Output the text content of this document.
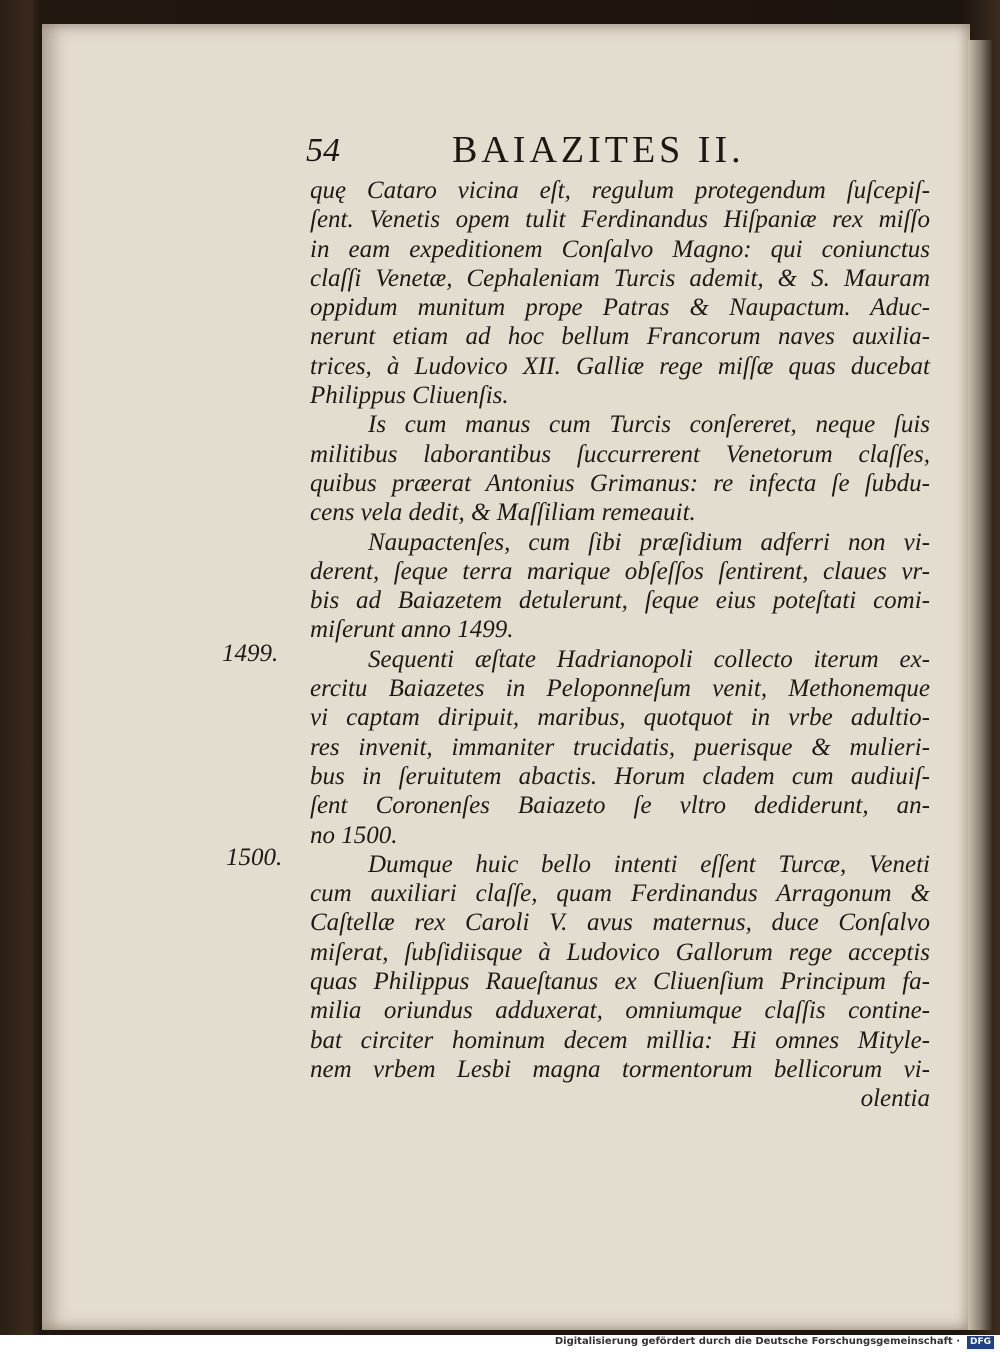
54	BAIAZITES II.
1499.
1500.
quę Cataro vicina eſt, regulum protegendum ſuſcepiſ-
ſent. Venetis opem tulit Ferdinandus Hiſpaniæ rex miſſo
in eam expeditionem Conſalvo Magno: qui coniunctus
claſſi Venetæ, Cephaleniam Turcis ademit, & S. Mauram
oppidum munitum prope Patras & Naupactum. Aduc-
nerunt etiam ad hoc bellum Francorum naves auxilia-
trices, à Ludovico XII. Galliæ rege miſſæ quas ducebat
Philippus Cliuenſis.
Is cum manus cum Turcis conſereret, neque ſuis
militibus laborantibus ſuccurrerent Venetorum claſſes,
quibus præerat Antonius Grimanus: re infecta ſe ſubdu-
cens vela dedit, & Maſſiliam remeauit.
Naupactenſes, cum ſibi præſidium adferri non vi-
derent, ſeque terra marique obſeſſos ſentirent, claues vr-
bis ad Baiazetem detulerunt, ſeque eius poteſtati comi-
miſerunt anno 1499.
Sequenti æſtate Hadrianopoli collecto iterum ex-
ercitu Baiazetes in Peloponneſum venit, Methonemque
vi captam diripuit, maribus, quotquot in vrbe adultio-
res invenit, immaniter trucidatis, puerisque & mulieri-
bus in ſeruitutem abactis. Horum cladem cum audiuiſ-
ſent Coronenſes Baiazeto ſe vltro dediderunt, an-
no 1500.
Dumque huic bello intenti eſſent Turcæ, Veneti
cum auxiliari claſſe, quam Ferdinandus Arragonum &
Caſtellæ rex Caroli V. avus maternus, duce Conſalvo
miſerat, ſubſidiisque à Ludovico Gallorum rege acceptis
quas Philippus Raueſtanus ex Cliuenſium Principum fa-
milia oriundus adduxerat, omniumque claſſis contine-
bat circiter hominum decem millia: Hi omnes Mityle-
nem vrbem Lesbi magna tormentorum bellicorum vi-
olentia
Digitalisierung gefördert durch die Deutsche Forschungsgemeinschaft ·	DFG
